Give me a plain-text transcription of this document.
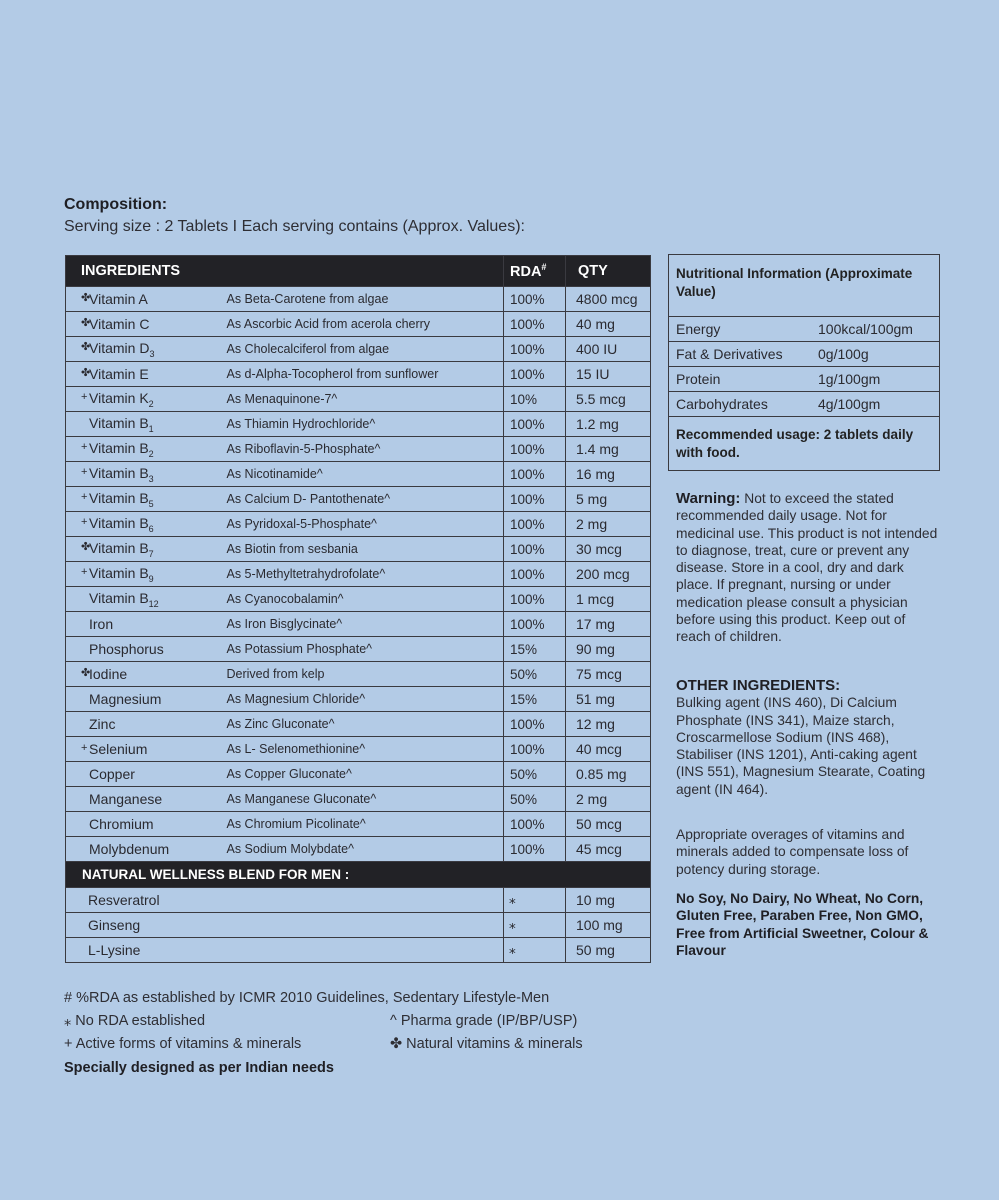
Composition:
Serving size : 2 Tablets I Each serving contains (Approx. Values):
INGREDIENTS		RDA#	QTY
✤Vitamin A	As Beta-Carotene from algae	100%	4800 mcg
✤Vitamin C	As Ascorbic Acid from acerola cherry	100%	40 mg
✤Vitamin $D_3$	As Cholecalciferol from algae	100%	400 IU
✤Vitamin E	As d-Alpha-Tocopherol from sunflower	100%	15 IU
+ Vitamin $K_2$	As Menaquinone-7^	10%	5.5 mcg
Vitamin $B_1$	As Thiamin Hydrochloride^	100%	1.2 mg
+ Vitamin $B_2$	As Riboflavin-5-Phosphate^	100%	1.4 mg
+ Vitamin $B_3$	As Nicotinamide^	100%	16 mg
+ Vitamin $B_5$	As Calcium D- Pantothenate^	100%	5 mg
+ Vitamin $B_6$	As Pyridoxal-5-Phosphate^	100%	2 mg
✤Vitamin $B_7$	As Biotin from sesbania	100%	30 mcg
+ Vitamin $B_9$	As 5-Methyltetrahydrofolate^	100%	200 mcg
Vitamin $B_{12}$	As Cyanocobalamin^	100%	1 mcg
Iron	As Iron Bisglycinate^	100%	17 mg
Phosphorus	As Potassium Phosphate^	15%	90 mg
✤Iodine	Derived from kelp	50%	75 mcg
Magnesium	As Magnesium Chloride^	15%	51 mg
Zinc	As Zinc Gluconate^	100%	12 mg
+ Selenium	As L- Selenomethionine^	100%	40 mcg
Copper	As Copper Gluconate^	50%	0.85 mg
Manganese	As Manganese Gluconate^	50%	2 mg
Chromium	As Chromium Picolinate^	100%	50 mcg
Molybdenum	As Sodium Molybdate^	100%	45 mcg
NATURAL WELLNESS BLEND FOR MEN :			
Resveratrol		⁎	10 mg
Ginseng		⁎	100 mg
L-Lysine		⁎	50 mg
Nutritional Information (Approximate Value)
Energy	100kcal/100gm
Fat & Derivatives	0g/100g
Protein	1g/100gm
Carbohydrates	4g/100gm
Recommended usage: 2 tablets daily with food.
Warning: Not to exceed the stated recommended daily usage. Not for medicinal use. This product is not intended to diagnose, treat, cure or prevent any disease. Store in a cool, dry and dark place. If pregnant, nursing or under medication please consult a physician before using this product. Keep out of reach of children.
OTHER INGREDIENTS:
Bulking agent (INS 460), Di Calcium Phosphate (INS 341), Maize starch, Croscarmellose Sodium (INS 468), Stabiliser (INS 1201), Anti-caking agent (INS 551), Magnesium Stearate, Coating agent (IN 464).
Appropriate overages of vitamins and minerals added to compensate loss of potency during storage.
No Soy, No Dairy, No Wheat, No Corn, Gluten Free, Paraben Free, Non GMO, Free from Artificial Sweetner, Colour & Flavour
# %RDA as established by ICMR 2010 Guidelines, Sedentary Lifestyle-Men
⁎ No RDA established	^ Pharma grade (IP/BP/USP)
+ Active forms of vitamins & minerals	✤ Natural vitamins & minerals
Specially designed as per Indian needs
